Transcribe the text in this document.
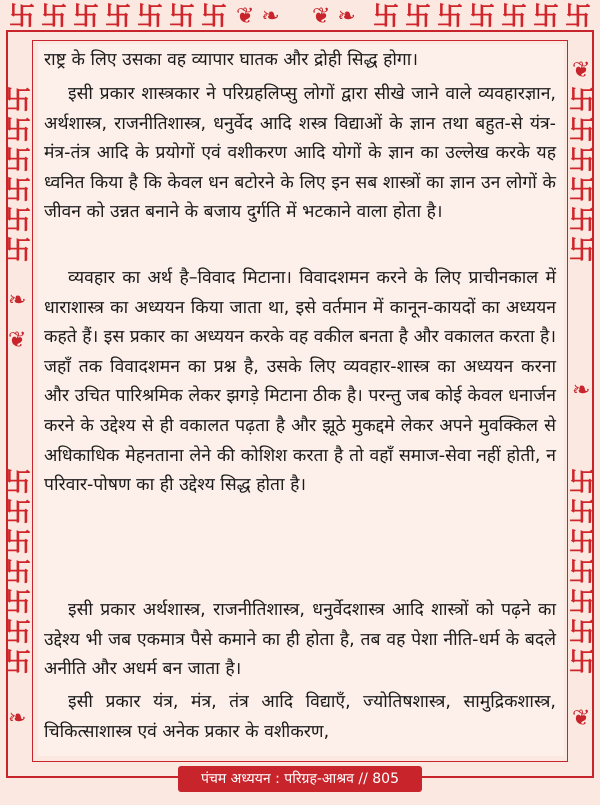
卐 卐 卐 卐 卐 卐 卐 ❦ ❧	卐 卐 卐 卐 卐 卐 卐
❦ ❧
卐
卐
卐
卐
卐
卐
❧
❦
卐
卐
卐
卐
卐
卐
卐
❧
❦
卐
卐
卐
卐
卐
卐
❧
卐
卐
卐
卐
卐
卐
卐
❦
राष्ट्र के लिए उसका वह व्यापार घातक और द्रोही सिद्ध होगा।
इसी प्रकार शास्त्रकार ने परिग्रहलिप्सु लोगों द्वारा सीखे जाने वाले व्यवहारज्ञान, अर्थशास्त्र, राजनीतिशास्त्र, धनुर्वेद आदि शस्त्र विद्याओं के ज्ञान तथा बहुत-से यंत्र-मंत्र-तंत्र आदि के प्रयोगों एवं वशीकरण आदि योगों के ज्ञान का उल्लेख करके यह ध्वनित किया है कि केवल धन बटोरने के लिए इन सब शास्त्रों का ज्ञान उन लोगों के जीवन को उन्नत बनाने के बजाय दुर्गति में भटकाने वाला होता है।
व्यवहार का अर्थ है–विवाद मिटाना। विवादशमन करने के लिए प्राचीनकाल में धाराशास्त्र का अध्ययन किया जाता था, इसे वर्तमान में कानून-कायदों का अध्ययन कहते हैं। इस प्रकार का अध्ययन करके वह वकील बनता है और वकालत करता है। जहाँ तक विवादशमन का प्रश्न है, उसके लिए व्यवहार-शास्त्र का अध्ययन करना और उचित पारिश्रमिक लेकर झगड़े मिटाना ठीक है। परन्तु जब कोई केवल धनार्जन करने के उद्देश्य से ही वकालत पढ़ता है और झूठे मुकद्दमे लेकर अपने मुवक्किल से अधिकाधिक मेहनताना लेने की कोशिश करता है तो वहाँ समाज-सेवा नहीं होती, न परिवार-पोषण का ही उद्देश्य सिद्ध होता है।
इसी प्रकार अर्थशास्त्र, राजनीतिशास्त्र, धनुर्वेदशास्त्र आदि शास्त्रों को पढ़ने का उद्देश्य भी जब एकमात्र पैसे कमाने का ही होता है, तब वह पेशा नीति-धर्म के बदले अनीति और अधर्म बन जाता है।
इसी प्रकार यंत्र, मंत्र, तंत्र आदि विद्याएँ, ज्योतिषशास्त्र, सामुद्रिकशास्त्र, चिकित्साशास्त्र एवं अनेक प्रकार के वशीकरण,
पंचम अध्ययन : परिग्रह-आश्रव // 805
